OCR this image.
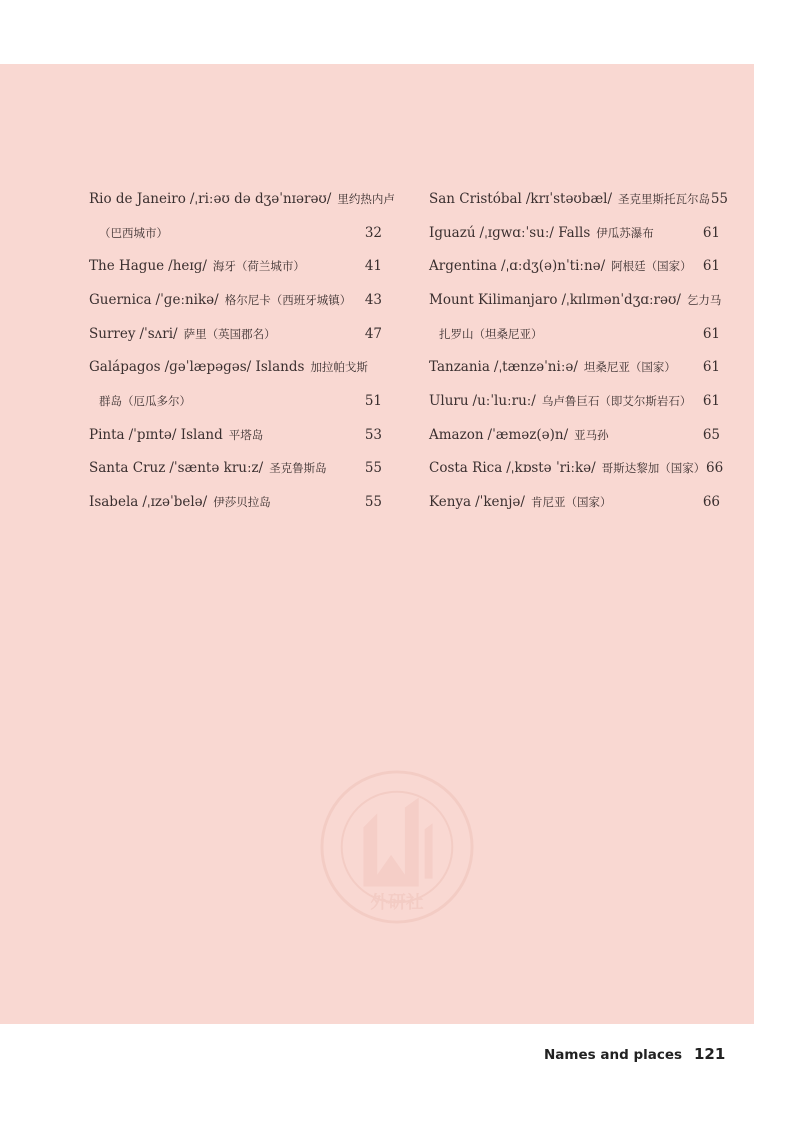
Rio de Janeiro /ˌriːəʊ də dʒəˈnɪərəʊ/ 里约热内卢
（巴西城市）	32
The Hague /heɪɡ/ 海牙（荷兰城市）	41
Guernica /ˈɡeːnikə/ 格尔尼卡（西班牙城镇）	43
Surrey /ˈsʌri/ 萨里（英国郡名）	47
Galápagos /ɡəˈlæpəɡəs/ Islands 加拉帕戈斯
群岛（厄瓜多尔）	51
Pinta /ˈpɪntə/ Island 平塔岛	53
Santa Cruz /ˈsæntə kruːz/ 圣克鲁斯岛	55
Isabela /ˌɪzəˈbelə/ 伊莎贝拉岛	55
San Cristóbal /krɪˈstəʊbæl/ 圣克里斯托瓦尔岛 55
Iguazú /ˌɪɡwɑːˈsuː/ Falls 伊瓜苏瀑布	61
Argentina /ˌɑːdʒ(ə)nˈtiːnə/ 阿根廷（国家） 61
Mount Kilimanjaro /ˌkɪlɪmənˈdʒɑːrəʊ/ 乞力马
扎罗山（坦桑尼亚）	61
Tanzania /ˌtænzəˈniːə/ 坦桑尼亚（国家）	61
Uluru /uːˈluːruː/ 乌卢鲁巨石（即艾尔斯岩石） 61
Amazon /ˈæməz(ə)n/ 亚马孙	65
Costa Rica /ˌkɒstə ˈriːkə/ 哥斯达黎加（国家） 66
Kenya /ˈkenjə/ 肯尼亚（国家）	66
外研社
Names and places 121
